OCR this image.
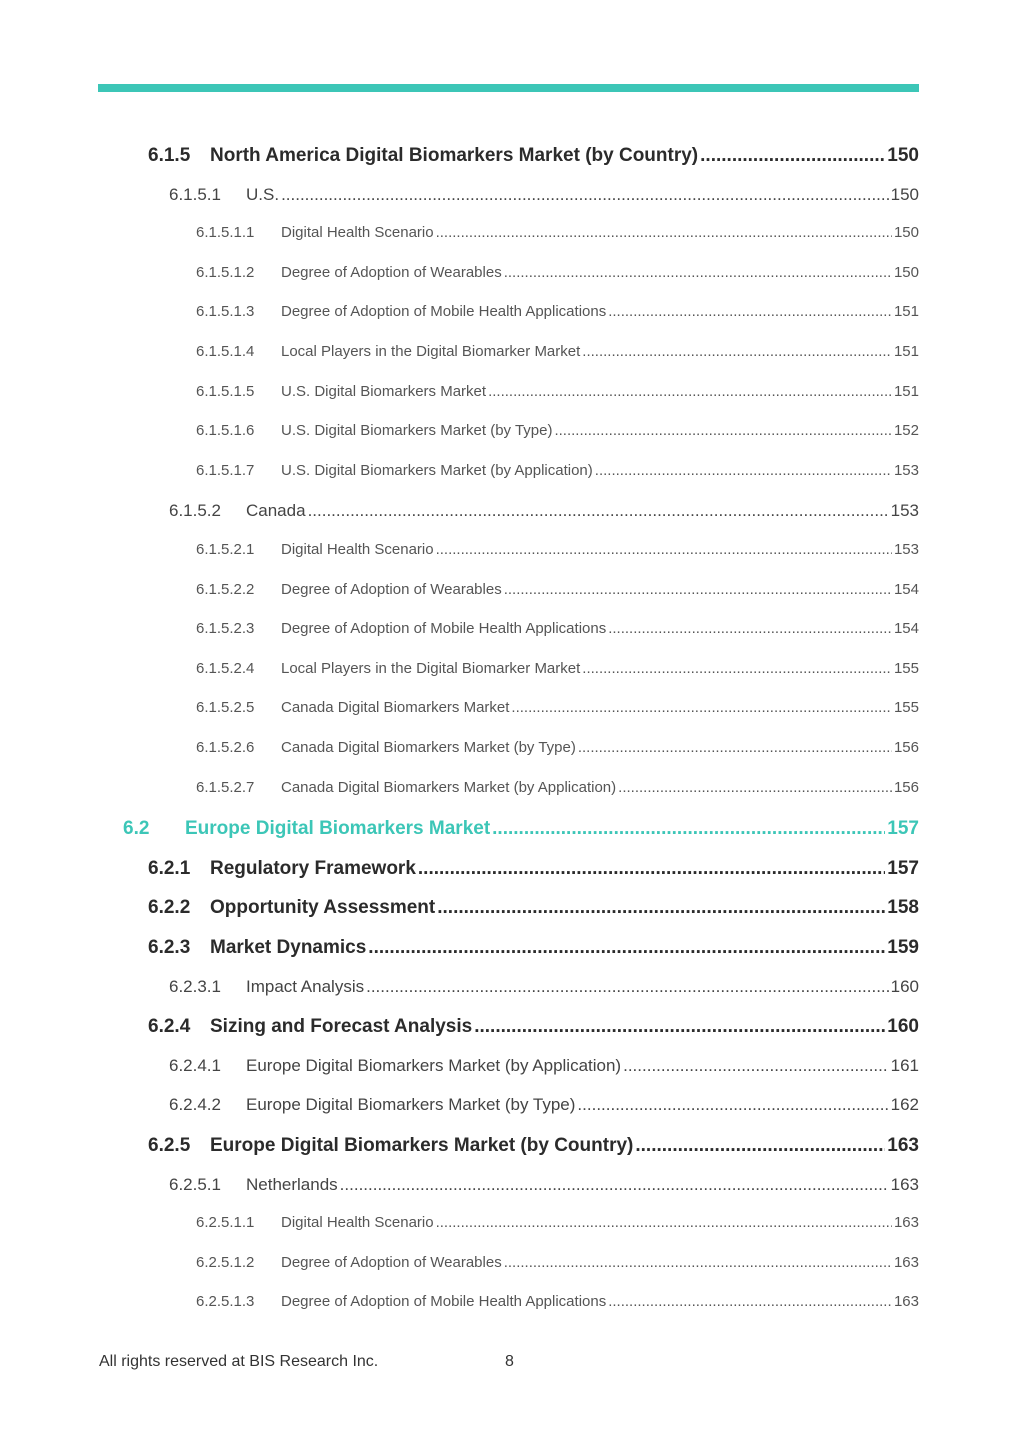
6.1.5	North America Digital Biomarkers Market (by Country) .....	150
6.1.5.1	U.S. .....	150
6.1.5.1.1	Digital Health Scenario .....	150
6.1.5.1.2	Degree of Adoption of Wearables .....	150
6.1.5.1.3	Degree of Adoption of Mobile Health Applications .....	151
6.1.5.1.4	Local Players in the Digital Biomarker Market .....	151
6.1.5.1.5	U.S. Digital Biomarkers Market .....	151
6.1.5.1.6	U.S. Digital Biomarkers Market (by Type) .....	152
6.1.5.1.7	U.S. Digital Biomarkers Market (by Application) .....	153
6.1.5.2	Canada .....	153
6.1.5.2.1	Digital Health Scenario .....	153
6.1.5.2.2	Degree of Adoption of Wearables .....	154
6.1.5.2.3	Degree of Adoption of Mobile Health Applications .....	154
6.1.5.2.4	Local Players in the Digital Biomarker Market .....	155
6.1.5.2.5	Canada Digital Biomarkers Market .....	155
6.1.5.2.6	Canada Digital Biomarkers Market (by Type) .....	156
6.1.5.2.7	Canada Digital Biomarkers Market (by Application) .....	156
6.2	Europe Digital Biomarkers Market .....	157
6.2.1	Regulatory Framework .....	157
6.2.2	Opportunity Assessment .....	158
6.2.3	Market Dynamics .....	159
6.2.3.1	Impact Analysis .....	160
6.2.4	Sizing and Forecast Analysis .....	160
6.2.4.1	Europe Digital Biomarkers Market (by Application) .....	161
6.2.4.2	Europe Digital Biomarkers Market (by Type) .....	162
6.2.5	Europe Digital Biomarkers Market (by Country) .....	163
6.2.5.1	Netherlands .....	163
6.2.5.1.1	Digital Health Scenario .....	163
6.2.5.1.2	Degree of Adoption of Wearables .....	163
6.2.5.1.3	Degree of Adoption of Mobile Health Applications .....	163
All rights reserved at BIS Research Inc.	8
